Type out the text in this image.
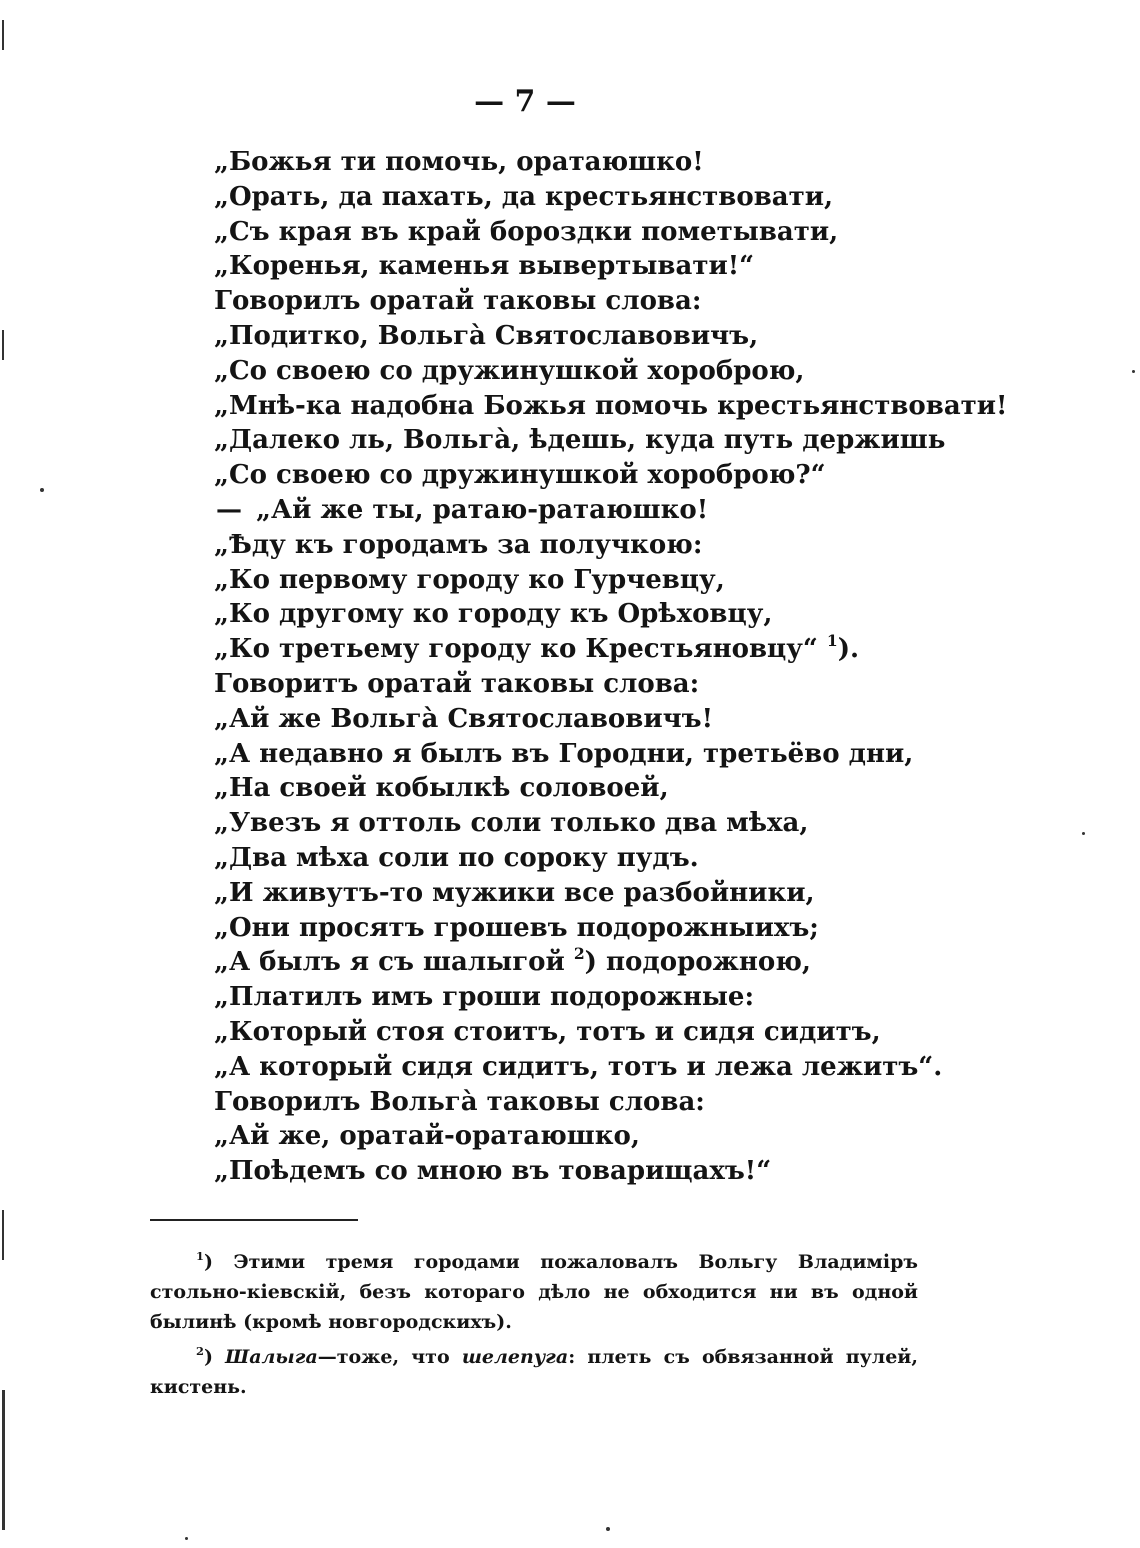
— 7 —
„Божья ти помочь, оратаюшко!
„Орать, да пахать, да крестьянствовати,
„Съ края въ край бороздки пометывати,
„Коренья, каменья вывертывати!“
Говорилъ оратай таковы слова:
„Подитко, Вольга̀ Святославовичъ,
„Со своею со дружинушкой хороброю,
„Мнѣ-ка надобна Божья помочь крестьянствовати!
„Далеко ль, Вольга̀, ѣдешь, куда путь держишь
„Со своею со дружинушкой хороброю?“
— „Ай же ты, ратаю-ратаюшко!
„Ѣду къ городамъ за получкою:
„Ко первому городу ко Гурчевцу,
„Ко другому ко городу къ Орѣховцу,
„Ко третьему городу ко Крестьяновцу“ $^1$).
Говоритъ оратай таковы слова:
„Ай же Вольга̀ Святославовичъ!
„А недавно я былъ въ Городни, третьёво дни,
„На своей кобылкѣ соловоей,
„Увезъ я оттоль соли только два мѣха,
„Два мѣха соли по сороку пудъ.
„И живутъ-то мужики все разбойники,
„Они просятъ грошевъ подорожныихъ;
„А былъ я съ шалыгой $^2$) подорожною,
„Платилъ имъ гроши подорожные:
„Который стоя стоитъ, тотъ и сидя сидитъ,
„А который сидя сидитъ, тотъ и лежа лежитъ“.
Говорилъ Вольга̀ таковы слова:
„Ай же, оратай-оратаюшко,
„Поѣдемъ со мною въ товарищахъ!“

$^1$) Этими тремя городами пожаловалъ Вольгу Владиміръ стольно-кіевскій, безъ котораго дѣло не обходится ни въ одной былинѣ (кромѣ новгородскихъ).

$^2$) Шалыга—тоже, что шелепуга: плеть съ обвязанной пулей, кистень.
